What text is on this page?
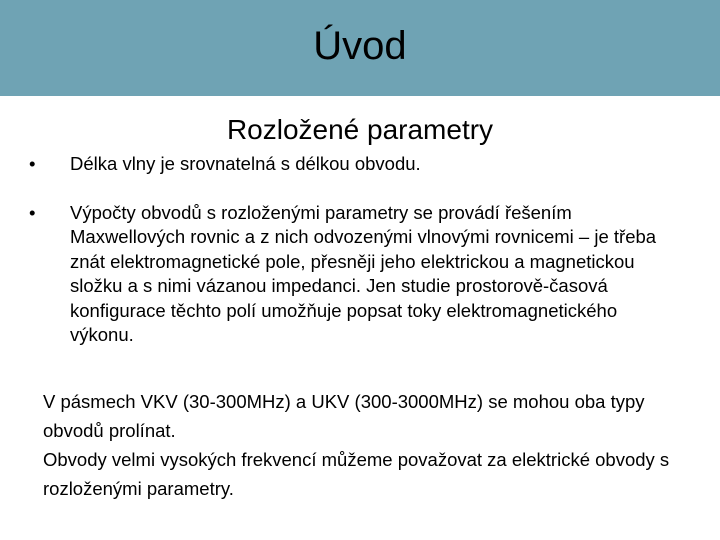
Úvod
Rozložené parametry
• Délka vlny je srovnatelná s délkou obvodu.
• Výpočty obvodů s rozloženými parametry se provádí řešením Maxwellových rovnic a z nich odvozenými vlnovými rovnicemi – je třeba znát elektromagnetické pole, přesněji jeho elektrickou a magnetickou složku a s nimi vázanou impedanci. Jen studie prostorově-časová konfigurace těchto polí umožňuje popsat toky elektromagnetického výkonu.

V pásmech VKV (30-300MHz) a UKV (300-3000MHz) se mohou oba typy obvodů prolínat.

Obvody velmi vysokých frekvencí můžeme považovat za elektrické obvody s rozloženými parametry.
